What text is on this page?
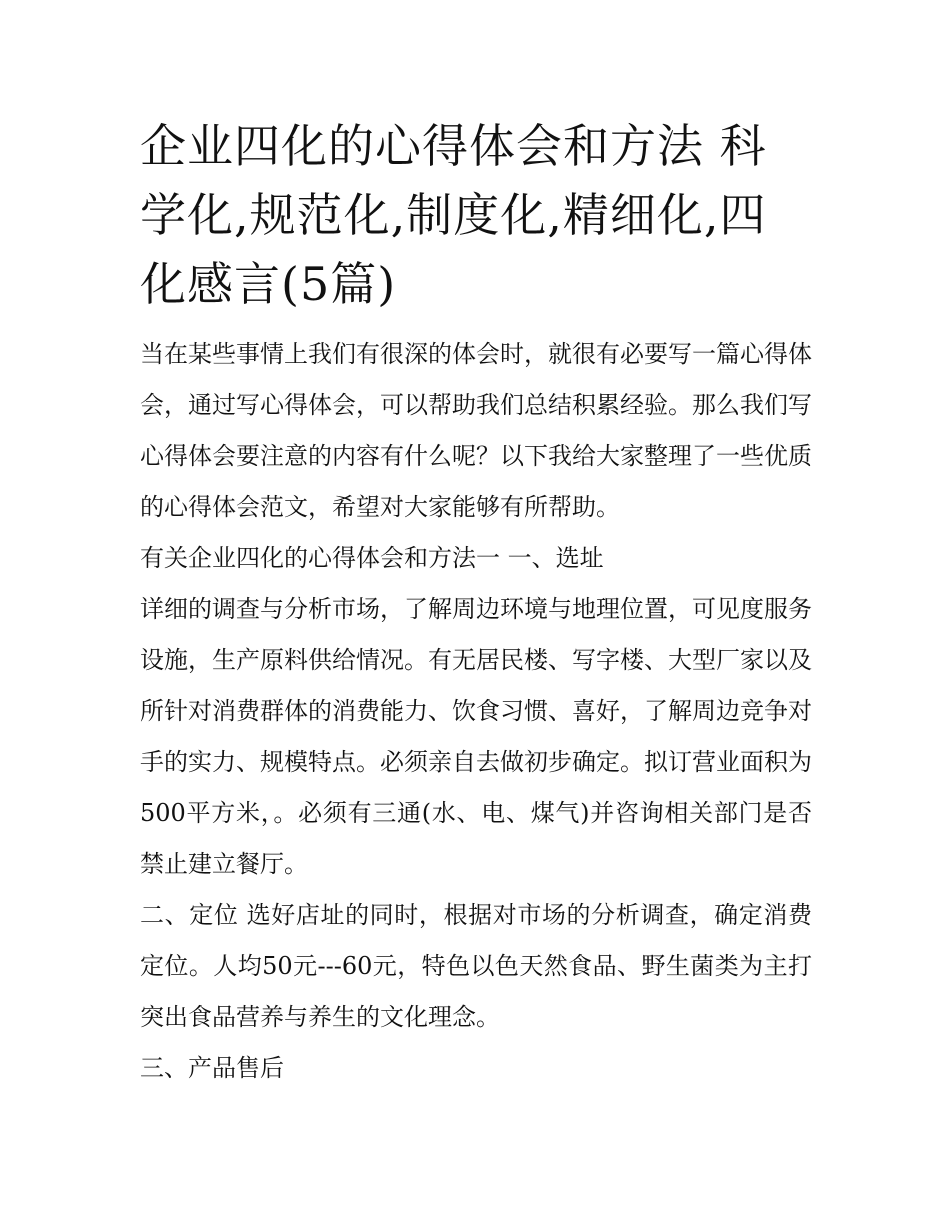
企业四化的心得体会和方法 科学化,规范化,制度化,精细化,四化感言(5篇)

当在某些事情上我们有很深的体会时，就很有必要写一篇心得体会，通过写心得体会，可以帮助我们总结积累经验。那么我们写心得体会要注意的内容有什么呢？以下我给大家整理了一些优质的心得体会范文，希望对大家能够有所帮助。

有关企业四化的心得体会和方法一 一、选址

详细的调查与分析市场，了解周边环境与地理位置，可见度服务设施，生产原料供给情况。有无居民楼、写字楼、大型厂家以及所针对消费群体的消费能力、饮食习惯、喜好，了解周边竞争对手的实力、规模特点。必须亲自去做初步确定。拟订营业面积为500平方米，。必须有三通(水、电、煤气)并咨询相关部门是否禁止建立餐厅。

二、定位 选好店址的同时，根据对市场的分析调查，确定消费定位。人均50元---60元，特色以色天然食品、野生菌类为主打突出食品营养与养生的文化理念。

三、产品售后
